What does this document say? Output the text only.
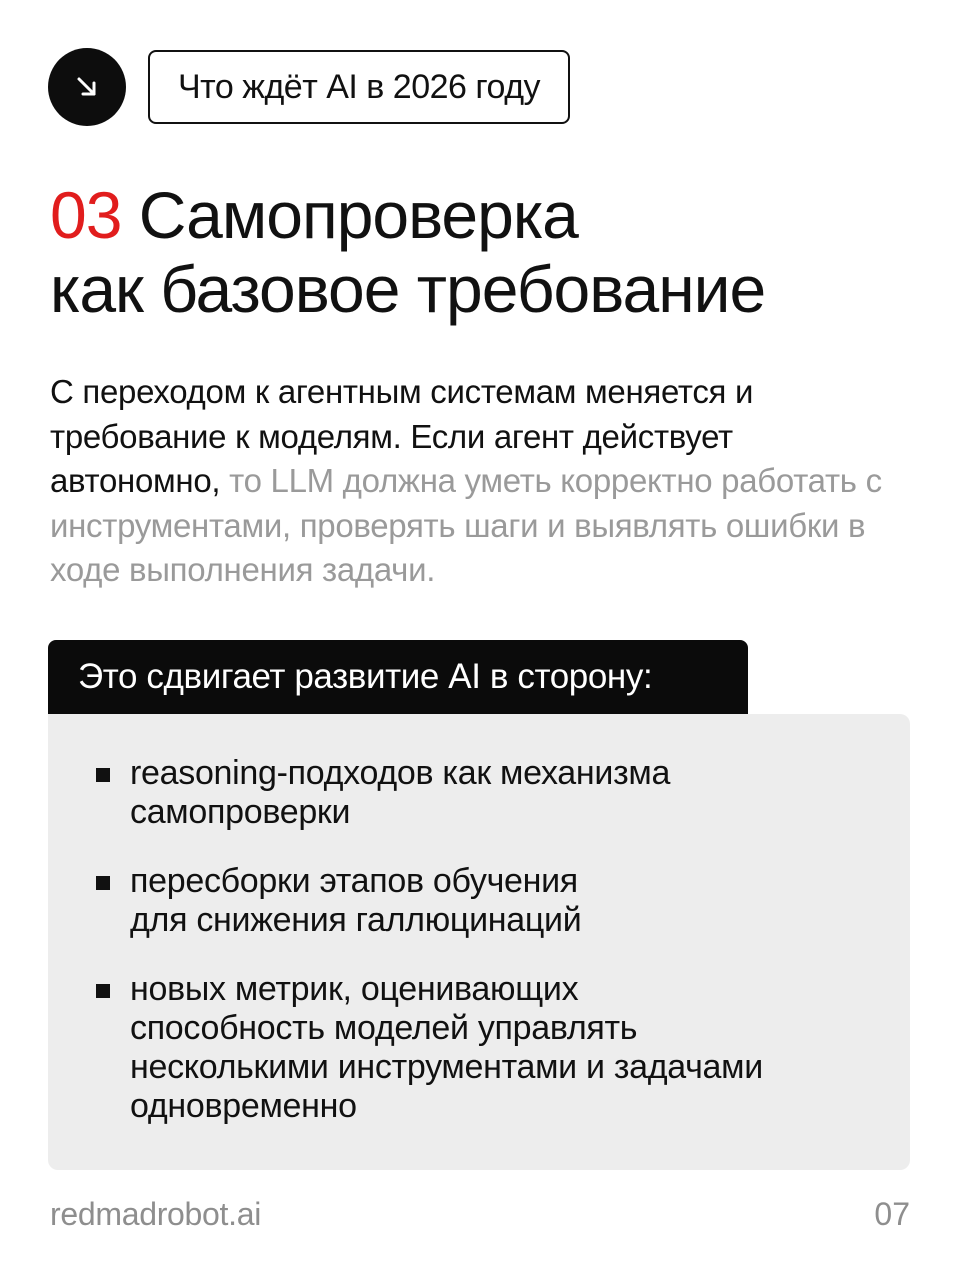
Что ждёт AI в 2026 году
03 Самопроверка
как базовое требование

С переходом к агентным системам меняется и требование к моделям. Если агент действует автономно, то LLM должна уметь корректно работать с инструментами, проверять шаги и выявлять ошибки в ходе выполнения задачи.

Это сдвигает развитие AI в сторону:
reasoning-подходов как механизма
самопроверки
пересборки этапов обучения
для снижения галлюцинаций
новых метрик, оценивающих
способность моделей управлять
несколькими инструментами и задачами
одновременно
redmadrobot.ai	07
